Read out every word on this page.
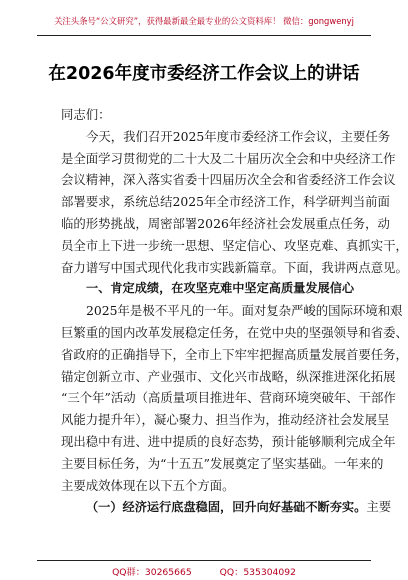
关注头条号“公文研究”，获得最新最全最专业的公文资料库！ 微信：gongwenyj
在2026年度市委经济工作会议上的讲话
同志们：
今天，我们召开2025年度市委经济工作会议，主要任务
是全面学习贯彻党的二十大及二十届历次全会和中央经济工作
会议精神，深入落实省委十四届历次全会和省委经济工作会议
部署要求，系统总结2025年全市经济工作，科学研判当前面
临的形势挑战，周密部署2026年经济社会发展重点任务，动
员全市上下进一步统一思想、坚定信心、攻坚克难、真抓实干，
奋力谱写中国式现代化我市实践新篇章。下面，我讲两点意见。
一、肯定成绩，在攻坚克难中坚定高质量发展信心
2025年是极不平凡的一年。面对复杂严峻的国际环境和艰
巨繁重的国内改革发展稳定任务，在党中央的坚强领导和省委、
省政府的正确指导下，全市上下牢牢把握高质量发展首要任务，
锚定创新立市、产业强市、文化兴市战略，纵深推进深化拓展
“三个年”活动（高质量项目推进年、营商环境突破年、干部作
风能力提升年），凝心聚力、担当作为，推动经济社会发展呈
现出稳中有进、进中提质的良好态势，预计能够顺利完成全年
主要目标任务，为“十五五”发展奠定了坚实基础。一年来的
主要成效体现在以下五个方面。
（一）经济运行底盘稳固，回升向好基础不断夯实。主要
QQ群：30265665	QQ：535304092
